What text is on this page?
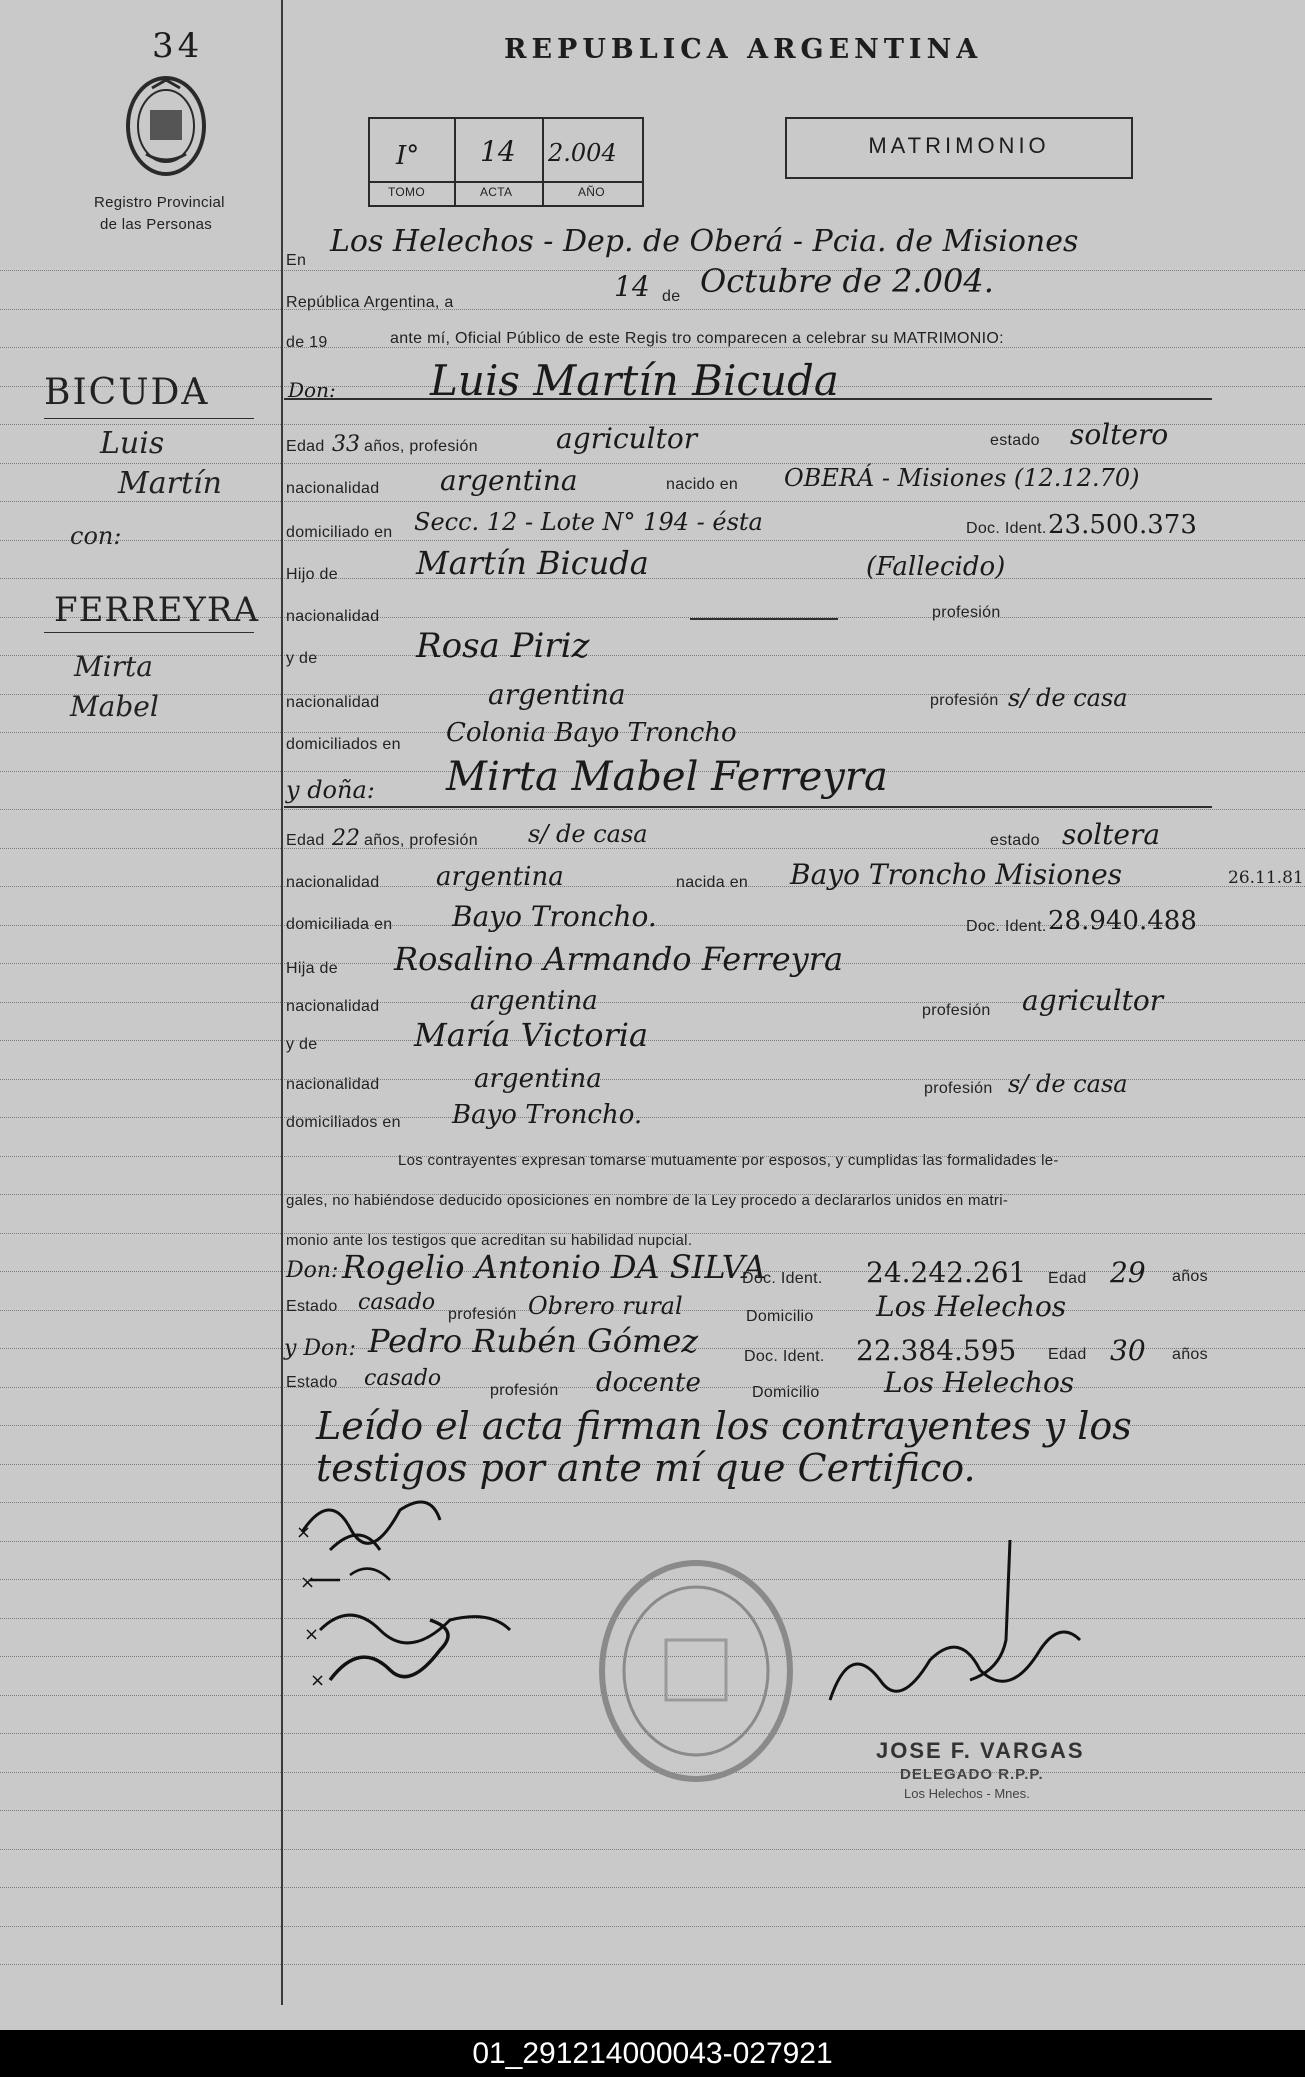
34
Registro Provincial
de las Personas
REPUBLICA ARGENTINA
I° 14 2.004
TOMO	ACTA	AÑO
MATRIMONIO
BICUDA
Luis
Martín
con:
FERREYRA
Mirta
Mabel
26.11.81
En
Los Helechos - Dep. de Oberá - Pcia. de Misiones
República Argentina, a	14 de Octubre de 2.004.
de 19	ante mí, Oficial Público de este Regis tro comparecen a celebrar su MATRIMONIO:
Don: Luis Martín Bicuda
Edad 33 años, profesión	agricultor	estado soltero
nacionalidad argentina	nacido en OBERÁ - Misiones (12.12.70)
domiciliado en Secc. 12 - Lote N° 194 - ésta	Doc. Ident. 23.500.373
Hijo de Martín Bicuda	(Fallecido)
nacionalidad	profesión
y de	Rosa Piriz
nacionalidad	argentina	profesión s/ de casa
domiciliados en Colonia Bayo Troncho
y doña: Mirta Mabel Ferreyra
Edad 22 años, profesión s/ de casa	estado soltera
nacionalidad argentina	nacida en Bayo Troncho Misiones
domiciliada en Bayo Troncho.	Doc. Ident. 28.940.488
Hija de Rosalino Armando Ferreyra
nacionalidad	argentina	profesión agricultor
y de	María Victoria
nacionalidad	argentina	profesión s/ de casa
domiciliados en Bayo Troncho.
Los contrayentes expresan tomarse mutuamente por esposos, y cumplidas las formalidades le-
gales, no habiéndose deducido oposiciones en nombre de la Ley procedo a declararlos unidos en matri-
monio ante los testigos que acreditan su habilidad nupcial.
Don: Rogelio Antonio DA SILVA
Doc. Ident. 24.242.261 Edad 29 años
Estado casado profesión Obrero rural	Domicilio Los Helechos
y Don: Pedro Rubén Gómez	Doc. Ident. 22.384.595 Edad 30 años
Estado casado	profesión docente	Domicilio Los Helechos
Leído el acta firman los contrayentes y los
testigos por ante mí que Certifico.
×
×
×
×
JOSE F. VARGAS
DELEGADO R.P.P.
Los Helechos - Mnes.
01_291214000043-027921
